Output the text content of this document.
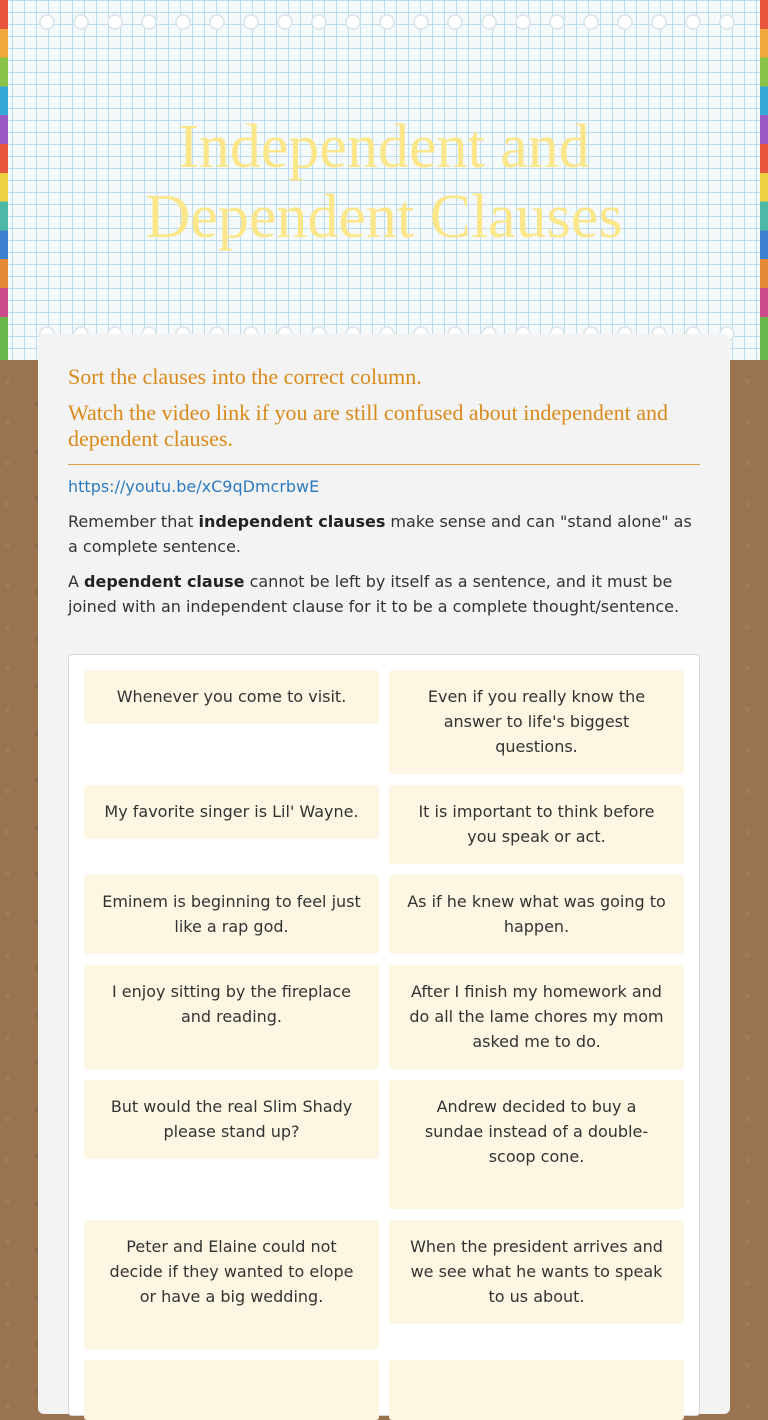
Independent and Dependent Clauses

Sort the clauses into the correct column.

Watch the video link if you are still confused about independent and dependent clauses.

https://youtu.be/xC9qDmcrbwE

Remember that independent clauses make sense and can "stand alone" as a complete sentence.

A dependent clause cannot be left by itself as a sentence, and it must be joined with an independent clause for it to be a complete thought/sentence.

Whenever you come to visit.	Even if you really know the answer to life's biggest questions.
My favorite singer is Lil' Wayne.	It is important to think before you speak or act.
Eminem is beginning to feel just like a rap god.
As if he knew what was going to happen.
I enjoy sitting by the fireplace and reading.
After I finish my homework and do all the lame chores my mom asked me to do.
But would the real Slim Shady please stand up?
Andrew decided to buy a sundae instead of a double-scoop cone.
Peter and Elaine could not decide if they wanted to elope or have a big wedding.
When the president arrives and we see what he wants to speak to us about.
